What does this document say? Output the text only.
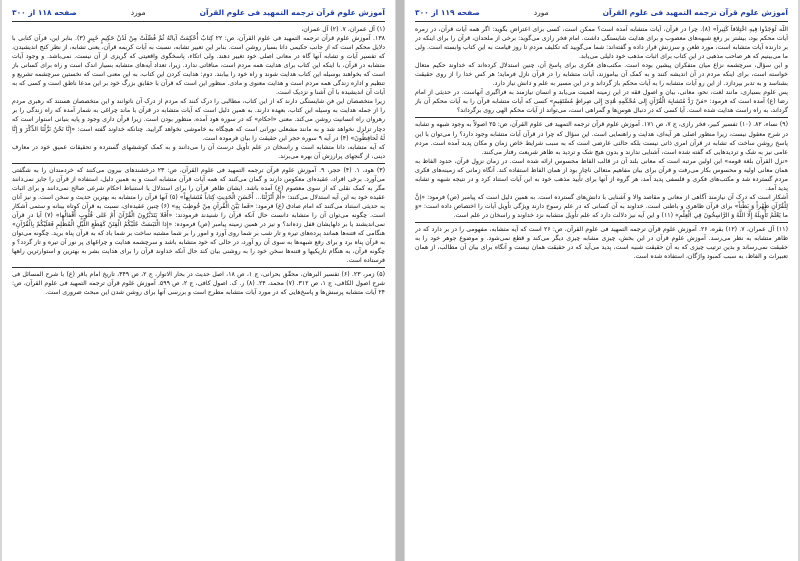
آموزش علوم قرآن ترجمه التمهید فی علوم القرآن
مورد
صفحه ۱۱۸ از ۳۰۰

(۱) آل عمران، ۷. (۲) آل عمران،

۱۳۸. آموزش علوم قرآن ترجمه التمهید فی علوم القرآن، ص: ۲۲ کِتابٌ أُحْكِمَتْ آیاتُهُ ثُمَّ فُصِّلَتْ مِنْ لَدُنْ حَكِیمٍ خَبِیرٍ (۳). بنابر این، قرآن کتابی با دلایل محکم است که از جانب حکیمی دانا بسیار روشن است. بنابر این تعبیر تشابه، نسبت به آیات کریمه قرآن، یعنی تشابه، از نظر کنج اندیشیدن، که تفسیر آیات و تشابه آنها گاه در معانی اصلی خود تغییر دهند. ولی اتکاء، پاسخگوی واقعیتی‌ که گریزی از آن نیست. نمی‌باشد. و وجود آیات متشابه در قرآن، با اینکه این کتاب برای هدایت همه مردم است، منافاتی ندارد. زیرا، تعداد آیه‌های متشابه بسیار اندک است و راه برای کسانی باز است که بخواهند بوسیله این کتاب هدایت شوند و راه خود را بیابند. دوم: هدایت کردن این کتاب، به این معنی است که نخستین سرچشمه تشریع و تنظیم و اداره زندگی همه مردم است و هدایت معنوی و مادی. منظور این است که قرآن با حقایق بزرگ خود بر این مدعا ناطق است و کسی که به آیات آن اندیشیده با آن آشنا و نزدیک است.

زیرا متخصصان این فن شایستگی دارند که از این کتاب، مطالبی را درک کنند که مردم از درک آن ناتوانند و این متخصصان هستند که رهبری مردم را از جمله هدایت به وسیله این کتاب، بعهده دارند. به همین دلیل است که آیات متشابه در قرآن با ماند چراغی به شمار آمده که راه زندگی را بر رهروان راه انسانیت روشن می‌کند. معنی «احکام» که در سوره هود آمده، منظور بودن است. زیرا قرآن داری وجود و پایه بنیانی استوار است که دچار تزلزل نخواهد شد و به مانند مشعلی نورانی است که هیچگاه به خاموشی نخواهد گرایید. چنانکه خداوند گفته است: «إِنَّا نَحْنُ نَزَّلْنَا الذِّكْرَ وَ إِنَّا لَهُ لَحافِظُونَ» (۴) در آیه ۹ سوره حجر این حقیقت را بیان فرموده است.

که آیه متشابه، دانا متشابه است و راسخان در علم تأویل درست آن را می‌دانند و به کمک کوششهای گسترده و تحقیقات عمیق خود در معارف دینی، از گنجهای پرارزش آن بهره می‌برند.

(۳) هود، ۱. (۴) حجر، ۹. آموزش علوم قرآن ترجمه التمهید فی علوم القرآن، ص: ۲۳ درخشندهای بیرون می‌کنند که خردمندان را به شگفتی می‌آورد. برخی افراد، عقیده‌ای معکوس دارند و گمان می‌کنند که همه آیات قرآن متشابه است و به همین دلیل، استفاده از قرآن را جایز نمی‌دانند مگر به کمک نقلی که از سوی معصوم (ع) آمده باشد. ایشان ظاهر قرآن را برای استدلال یا استنباط احکام شرعی صالح نمی‌دانند و برای اثبات عقیده خود به این آیه استدلال می‌کنند: «أَمْ أَنْزَلْنَا... أَحْسَنَ الْحَدِيثِ كِتاباً مُتَشابِهاً» (۵) آنها قرآن را متشابه به بهترین حدیث و سخن است. و نیز آنان به حدیثی استناد می‌کنند که امام صادق (ع) فرمود: «فَما بَيَّنَ الْقُرآنِ مِنْ خُوطِبَ بِهِ» (۶) چنین عقیده‌ای، نسبت به قرآن کوتاه بینانه و ستمی آشکار است. چگونه می‌توان آن را متشابه دانست حال آنکه قرآن را شنیدند فرمودند: «أَفَلا يَتَدَبَّرُونَ الْقُرْآنَ أَمْ عَلى قُلُوبٍ أَقْفالُها» (۷) آیا در قرآن نمی‌اندیشند یا بر دلهایشان قفل زده‌اند؟ و نیز در همین زمینه پیامبر (ص) فرموده: «إِذا الْتَبَسَتْ عَلَیْكُمُ الْفِتَنُ كَقِطَعِ اللَّیْلِ الْمُظْلِمِ فَعَلَیْكُمْ بِالْقُرْآنِ» هنگامی که فتنه‌ها همانند پرده‌های تیره و تار شب بر شما روی آورد و امور را بر شما مشتبه ساخت بر شما باد که به قرآن پناه برید. چگونه می‌توان به قرآن پناه برد و برای رفع شبهه‌ها به سوی آن رو آورد، در حالی که خود متشابه باشد و سرچشمه هدایت و چراغهای پر نور آن تیره و تار گردد؟ و چگونه قرآن، به هنگام تاریکیها و فتنه‌ها سخن خود را به روشنی بیان کند حال آنکه خداوند قرآن را برای هدایت بشر به بهترین و استوارترین راهها فرستاده است.

(۵) زمر، ۲۳. (۶) تفسیر البرهان، محقّق بحرانی، ج ۱، ص ۱۸، اصل حدیث در بحار الانوار، ج ۲، ص ۳۴۹، تاریخ امام باقر (ع) با شرح المسائل فی شرح اصول الکافی، ج ۱، ص ۳۱۲. (۷) محمد، ۲۴. (۸) ر. ک. اصول کافی، ج ۲، ص ۵۹۹. آموزش علوم قرآن ترجمه التمهید فی علوم القرآن، ص: ۲۴ آیات متشابه پرسش‌ها و پاسخ‌هایی که در مورد آیات متشابه مطرح است و بررسی آنها برای روشن شدن این مبحث ضروری است.

آموزش علوم قرآن ترجمه التمهید فی علوم القرآن
مورد
صفحه ۱۱۹ از ۳۰۰

اللّه لَوَجَدُوا فِیهِ اخْتِلافاً كَثِیراً» (۸). چرا در قرآن، آیات متشابه آمده است؟ ممکن است، کسی برای اعتراض بگوید: اگر همه آیات قرآن، در زمره آیات محکم بود، بیشتر بر رفع شبهه‌های معصوب و برای هدایت شایستگی داشت. امام فخر رازی می‌گوید: برخی از ملحدان، قرآن را برای اینکه در بر دارنده آیات متشابه است، مورد طعن و سرزنش قرار داده و گفته‌اند: شما می‌گویید که تکلیف مردم تا روز قیامت به این کتاب وابسته است. ولی ما می‌بینیم که هر صاحب مذهبی در این کتاب برای اثبات مذهب خود دلیلی می‌یابد.

و این سؤال، سرچشمه نزاع میان متفکران پیشین بوده است. مکتب‌های فکری برای پاسخ آن، چنین استدلال کرده‌اند که خداوند حکیم متعال خواسته است، برای اینکه مردم در آن اندیشه کنند و به کمک آن بیاموزند، آیات متشابه را در قرآن نازل فرماید؛ هر کس خدا را از روی حقیقت بشناسد و به تدبر بپردازد. از این رو آیات متشابه را به آیات محکم باز گرداند و در این مسیر به علم و دانش نیاز دارد.

پس علوم بسیاری، مانند لغت، نحو، معانی، بیان و اصول فقه در این زمینه اهمیت می‌یابد و انسان نیازمند به فراگیری آنهاست. در حدیثی از امام رضا (ع) آمده است که فرمود: «مَنْ رَدَّ مُتَشابِهَ الْقُرْآنِ إِلى مُحْكَمِهِ هُدِیَ إِلى صِراطٍ مُسْتَقِیمٍ» کسی که آیات متشابه قرآن را به آیات محکم آن باز گرداند، به راه راست هدایت شده است. آیا کسی که در دنبال هوس‌ها و گمراهی است، می‌تواند از آیات محکم الهی روی برگرداند؟

(۹) نساء، ۸۲. (۱۰) تفسیر کبیر، فخر رازی، ج ۷، ص ۱۷۱. آموزش علوم قرآن ترجمه التمهید فی علوم القرآن، ص: ۲۵ اصولاً به وجود شبهه و تشابه در شرح معقول نیست، زیرا منظور اصلی هر آیه‌ای، هدایت و راهنمایی است. این سؤال که چرا در قرآن آیات متشابه وجود دارد؟ را می‌توان با این پاسخ روشن ساخت که تشابه در قرآن امری ذاتی نیست بلکه حالتی عارضی است که به سبب شرایط خاص زمان و مکان پدید آمده است. مردم عامی نیز به شک و تردیدهایی که گفته شده است، آشنایی ندارند و بدون هیچ شک و تردید به ظاهر شریعت رفتار می‌کنند.

«نزل القرآن بلغة قومه» این اولین مرتبه است که معانی بلند آن در قالب الفاظ محسوس ارائه شده است. در زمان نزول قرآن، حدود الفاظ به همان معانی اولیه و محسوس بکار می‌رفت و قرآن برای بیان مفاهیم متعالی ناچار بود از همان الفاظ استفاده کند. آنگاه زمانی که زمینه‌های فکری مردم گسترده شد و مکتب‌های فکری و فلسفی پدید آمد، هر گروه از آنها برای تأیید مذهب خود به این آیات استناد کرد و در نتیجه شبهه و تشابه پدید آمد.

آشکار است که درک آن نیازمند آگاهی از معانی و مقاصد والا و آشنایی با دانش‌های گسترده است. به همین دلیل است که پیامبر (ص) فرمود: «إنَّ لِلْقُرْآنِ ظَهْراً وَ بَطْناً» برای قرآن ظاهری و باطنی است. خداوند به آن کسانی که در علم رسوخ دارند ویژگی تأویل آیات را اختصاص داده است: «وَ ما يَعْلَمُ تَأْوِيلَهُ إِلَّا اللَّهُ وَ الرَّاسِخُونَ فِي الْعِلْمِ» (۱۱) و این آیه نیز دلالت دارد که علم تأویل متشابه نزد خداوند و راسخان در علم است.

(۱۱) آل عمران، ۷. (۱۲) بقره، ۲۶. آموزش علوم قرآن ترجمه التمهید فی علوم القرآن، ص: ۲۶ است که آیه متشابه، مفهومی را در بر دارد که در ظاهر متشابه به نظر می‌رسد. آموزش علوم قرآن در این بخش، چیزی مشابه چیزی دیگر می‌کند و قطع نمی‌شود. و موضوع جوهر خود را به حقیقت نمی‌رساند و بدین ترتیب چیزی که به آن حقیقت شبیه است، پدید می‌آید که در حقیقت همان نیست و آنگاه برای بیان آن مطالب، از همان تعبیرات و الفاظ، به سبب کمبود واژگان، استفاده شده است.
